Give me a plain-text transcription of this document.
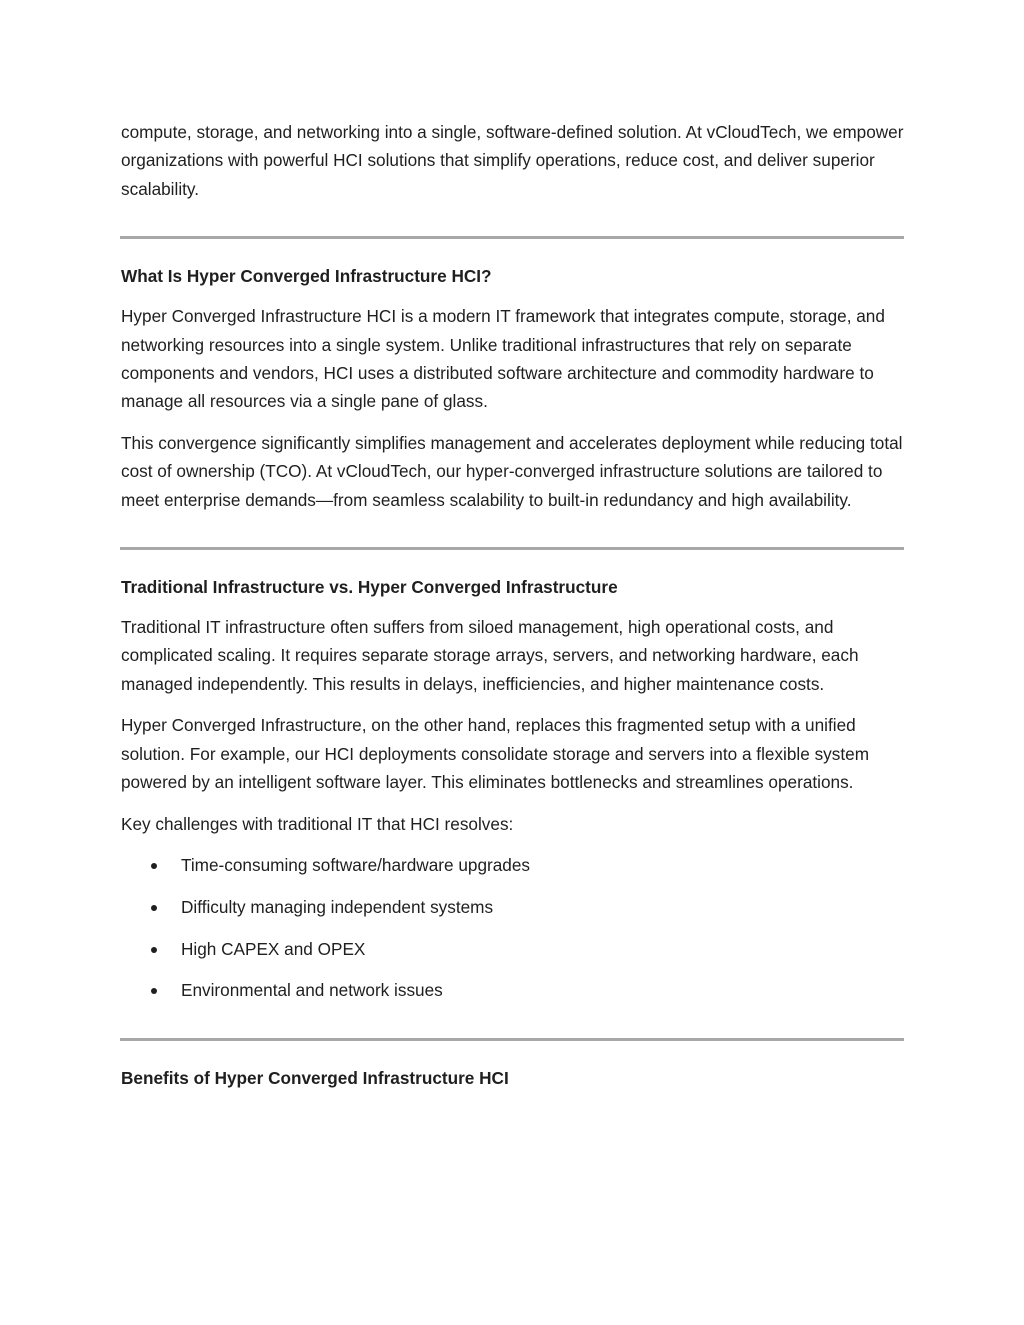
compute, storage, and networking into a single, software-defined solution. At vCloudTech, we empower organizations with powerful HCI solutions that simplify operations, reduce cost, and deliver superior scalability.

What Is Hyper Converged Infrastructure HCI?

Hyper Converged Infrastructure HCI is a modern IT framework that integrates compute, storage, and networking resources into a single system. Unlike traditional infrastructures that rely on separate components and vendors, HCI uses a distributed software architecture and commodity hardware to manage all resources via a single pane of glass.

This convergence significantly simplifies management and accelerates deployment while reducing total cost of ownership (TCO). At vCloudTech, our hyper-converged infrastructure solutions are tailored to meet enterprise demands—from seamless scalability to built-in redundancy and high availability.

Traditional Infrastructure vs. Hyper Converged Infrastructure

Traditional IT infrastructure often suffers from siloed management, high operational costs, and complicated scaling. It requires separate storage arrays, servers, and networking hardware, each managed independently. This results in delays, inefficiencies, and higher maintenance costs.

Hyper Converged Infrastructure, on the other hand, replaces this fragmented setup with a unified solution. For example, our HCI deployments consolidate storage and servers into a flexible system powered by an intelligent software layer. This eliminates bottlenecks and streamlines operations.

Key challenges with traditional IT that HCI resolves:

Time-consuming software/hardware upgrades
Difficulty managing independent systems
High CAPEX and OPEX
Environmental and network issues
Benefits of Hyper Converged Infrastructure HCI
